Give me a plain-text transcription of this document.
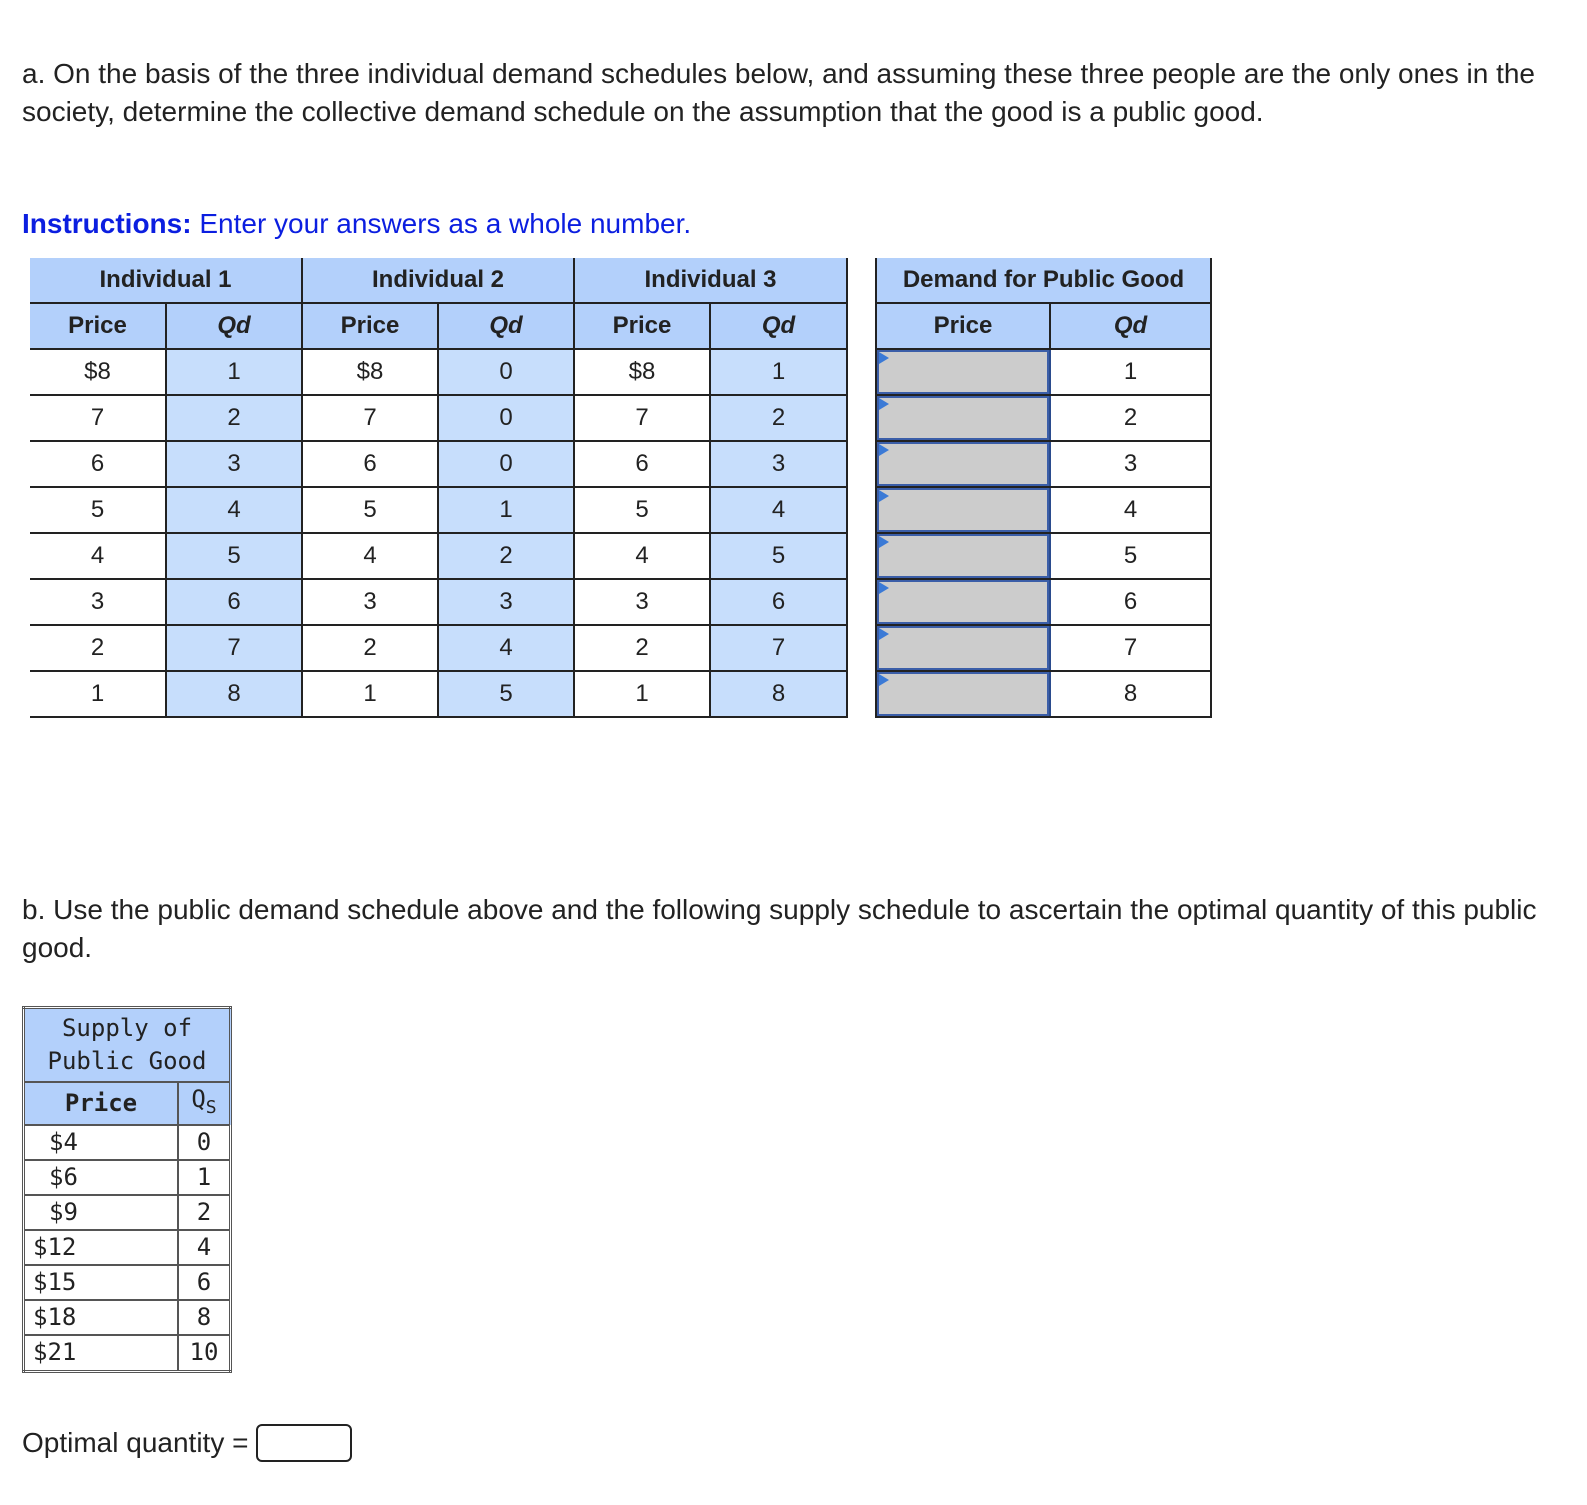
a. On the basis of the three individual demand schedules below, and assuming these three people are the only ones in the society, determine the collective demand schedule on the assumption that the good is a public good.

Instructions: Enter your answers as a whole number.

Individual 1		Individual 2		Individual 3	
Price	Qd	Price	Qd	Price	Qd
$8	1	$8	0	$8	1
7	2	7	0	7	2
6	3	6	0	6	3
5	4	5	1	5	4
4	5	4	2	4	5
3	6	3	3	3	6
2	7	2	4	2	7
1	8	1	5	1	8
Demand for Public Good	
Price	Qd

	1

	2

	3

	4

	5

	6

	7

	8

b. Use the public demand schedule above and the following supply schedule to ascertain the optimal quantity of this public good.

Supply of
Public Good	
Price	$Q_S$
$4	0
$6	1
$9	2
$12	4
$15	6
$18	8
$21	10
Optimal quantity =
